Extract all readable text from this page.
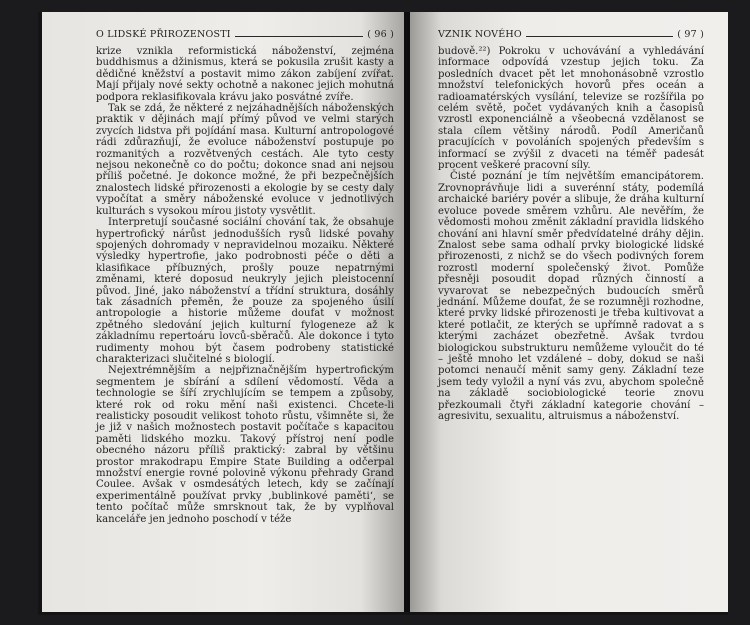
O LIDSKÉ PŘIROZENOSTI	( 96 )

krize vznikla reformistická náboženství, zejména buddhismus a džinismus, která se pokusila zrušit kasty a dědičné kněžství a postavit mimo zákon zabíjení zvířat. Mají přijaly nové sekty ochotně a nakonec jejich mohutná podpora reklasifikovala krávu jako posvátné zvíře.

Tak se zdá, že některé z nejzáhadnějších náboženských praktik v dějinách mají přímý původ ve velmi starých zvycích lidstva při pojídání masa. Kulturní antropologové rádi zdůrazňují, že evoluce náboženství postupuje po rozmanitých a rozvětvených cestách. Ale tyto cesty nejsou nekonečně co do počtu; dokonce snad ani nejsou příliš početné. Je dokonce možné, že při bezpečnějších znalostech lidské přirozenosti a ekologie by se cesty daly vypočítat a směry náboženské evoluce v jednotlivých kulturách s vysokou mírou jistoty vysvětlit.

Interpretují současné sociální chování tak, že obsahuje hypertrofický nárůst jednodušších rysů lidské povahy spojených dohromady v nepravidelnou mozaiku. Některé výsledky hypertrofie, jako podrobnosti péče o děti a klasifikace příbuzných, prošly pouze nepatrnými změnami, které doposud neukryly jejich pleistocenní původ. Jiné, jako náboženství a třídní struktura, dosáhly tak zásadních přeměn, že pouze za spojeného úsilí antropologie a historie můžeme doufat v možnost zpětného sledování jejich kulturní fylogeneze až k základnímu repertoáru lovců-sběračů. Ale dokonce i tyto rudimenty mohou být časem podrobeny statistické charakterizaci slučitelné s biologií.

Nejextrémnějším a nejpřiznačnějším hypertrofickým segmentem je sbírání a sdílení vědomostí. Věda a technologie se šíří zrychlujícím se tempem a způsoby, které rok od roku mění naši existenci. Chcete-li realisticky posoudit velikost tohoto růstu, všimněte si, že je již v našich možnostech postavit počítače s kapacitou paměti lidského mozku. Takový přístroj není podle obecného názoru příliš praktický: zabral by většinu prostor mrakodrapu Empire State Building a odčerpal množství energie rovné polovině výkonu přehrady Grand Coulee. Avšak v osmdesátých letech, kdy se začínají experimentálně používat prvky ‚bublinkové paměti‘, se tento počítač může smrsknout tak, že by vyplňoval kanceláře jen jednoho poschodí v téže

VZNIK NOVÉHO	( 97 )

budově.²²) Pokroku v uchovávání a vyhledávání informace odpovídá vzestup jejich toku. Za posledních dvacet pět let mnohonásobně vzrostlo množství telefonických hovorů přes oceán a radioamatérských vysílání, televize se rozšířila po celém světě, počet vydávaných knih a časopisů vzrostl exponenciálně a všeobecná vzdělanost se stala cílem většiny národů. Podíl Američanů pracujících v povoláních spojených především s informací se zvýšil z dvaceti na téměř padesát procent veškeré pracovní síly.

Čisté poznání je tím největším emancipátorem. Zrovnoprávňuje lidi a suverénní státy, podemílá archaické bariéry povér a slibuje, že dráha kulturní evoluce povede směrem vzhůru. Ale nevěřím, že vědomosti mohou změnit základní pravidla lidského chování ani hlavní směr předvídatelné dráhy dějin. Znalost sebe sama odhalí prvky biologické lidské přirozenosti, z nichž se do všech podivných forem rozrostl moderní společenský život. Pomůže přesněji posoudit dopad různých činností a vyvarovat se nebezpečných budoucích směrů jednání. Můžeme doufat, že se rozumněji rozhodne, které prvky lidské přirozenosti je třeba kultivovat a které potlačit, ze kterých se upřímně radovat a s kterými zacházet obezřetně. Avšak tvrdou biologickou substrukturu nemůžeme vyloučit do té – ještě mnoho let vzdálené – doby, dokud se naši potomci nenaučí měnit samy geny. Základní teze jsem tedy vyložil a nyní vás zvu, abychom společně na základě sociobiologické teorie znovu přezkoumali čtyři základní kategorie chování – agresivitu, sexualitu, altruismus a náboženství.
